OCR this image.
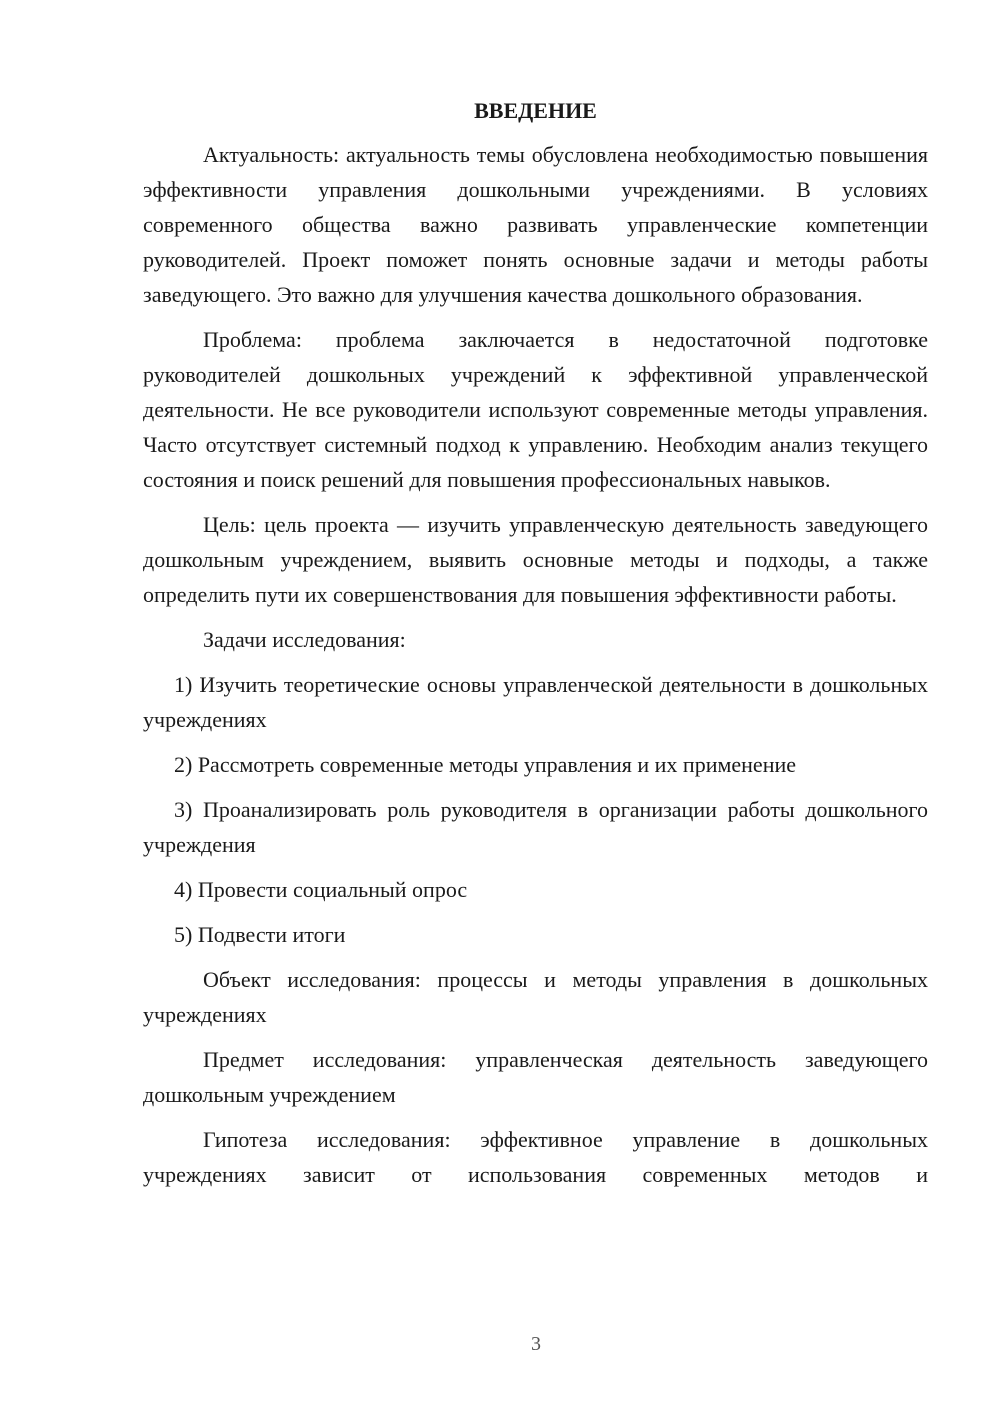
ВВЕДЕНИЕ

Актуальность: актуальность темы обусловлена необходимостью повышения эффективности управления дошкольными учреждениями. В условиях современного общества важно развивать управленческие компетенции руководителей. Проект поможет понять основные задачи и методы работы заведующего. Это важно для улучшения качества дошкольного образования.

Проблема: проблема заключается в недостаточной подготовке руководителей дошкольных учреждений к эффективной управленческой деятельности. Не все руководители используют современные методы управления. Часто отсутствует системный подход к управлению. Необходим анализ текущего состояния и поиск решений для повышения профессиональных навыков.

Цель: цель проекта — изучить управленческую деятельность заведующего дошкольным учреждением, выявить основные методы и подходы, а также определить пути их совершенствования для повышения эффективности работы.

Задачи исследования:

1) Изучить теоретические основы управленческой деятельности в дошкольных учреждениях

2) Рассмотреть современные методы управления и их применение

3) Проанализировать роль руководителя в организации работы дошкольного учреждения

4) Провести социальный опрос

5) Подвести итоги

Объект исследования: процессы и методы управления в дошкольных учреждениях

Предмет исследования: управленческая деятельность заведующего дошкольным учреждением

Гипотеза исследования: эффективное управление в дошкольных учреждениях зависит от использования современных методов и

3
